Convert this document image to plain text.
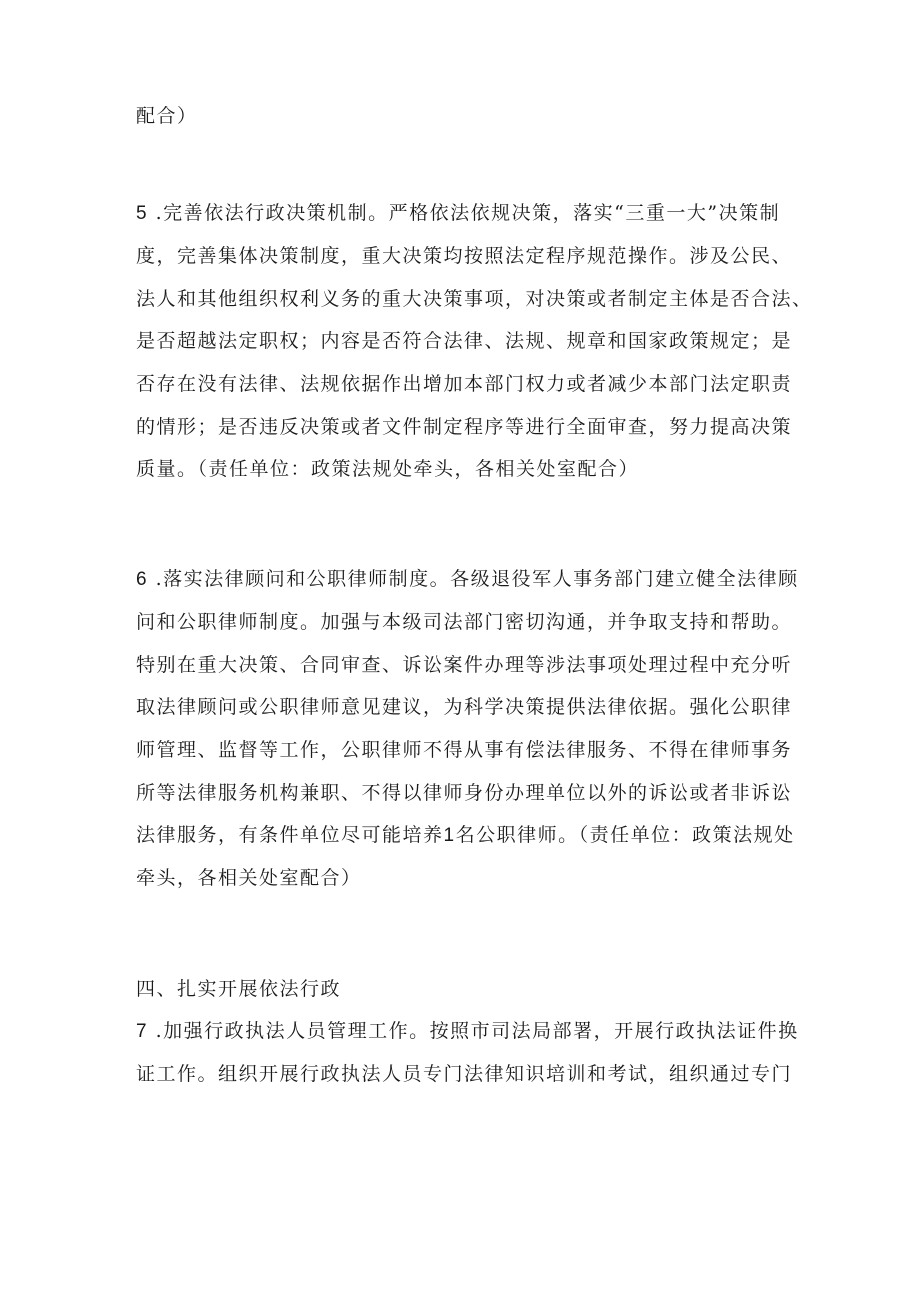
配合）
5 .完善依法行政决策机制。严格依法依规决策，落实“三重一大”决策制
度，完善集体决策制度，重大决策均按照法定程序规范操作。涉及公民、
法人和其他组织权利义务的重大决策事项，对决策或者制定主体是否合法、
是否超越法定职权；内容是否符合法律、法规、规章和国家政策规定；是
否存在没有法律、法规依据作出增加本部门权力或者减少本部门法定职责
的情形；是否违反决策或者文件制定程序等进行全面审查，努力提高决策
质量。（责任单位：政策法规处牵头，各相关处室配合）
6 .落实法律顾问和公职律师制度。各级退役军人事务部门建立健全法律顾
问和公职律师制度。加强与本级司法部门密切沟通，并争取支持和帮助。
特别在重大决策、合同审查、诉讼案件办理等涉法事项处理过程中充分听
取法律顾问或公职律师意见建议，为科学决策提供法律依据。强化公职律
师管理、监督等工作，公职律师不得从事有偿法律服务、不得在律师事务
所等法律服务机构兼职、不得以律师身份办理单位以外的诉讼或者非诉讼
法律服务，有条件单位尽可能培养1名公职律师。（责任单位：政策法规处
牵头，各相关处室配合）
四、扎实开展依法行政
7 .加强行政执法人员管理工作。按照市司法局部署，开展行政执法证件换
证工作。组织开展行政执法人员专门法律知识培训和考试，组织通过专门
